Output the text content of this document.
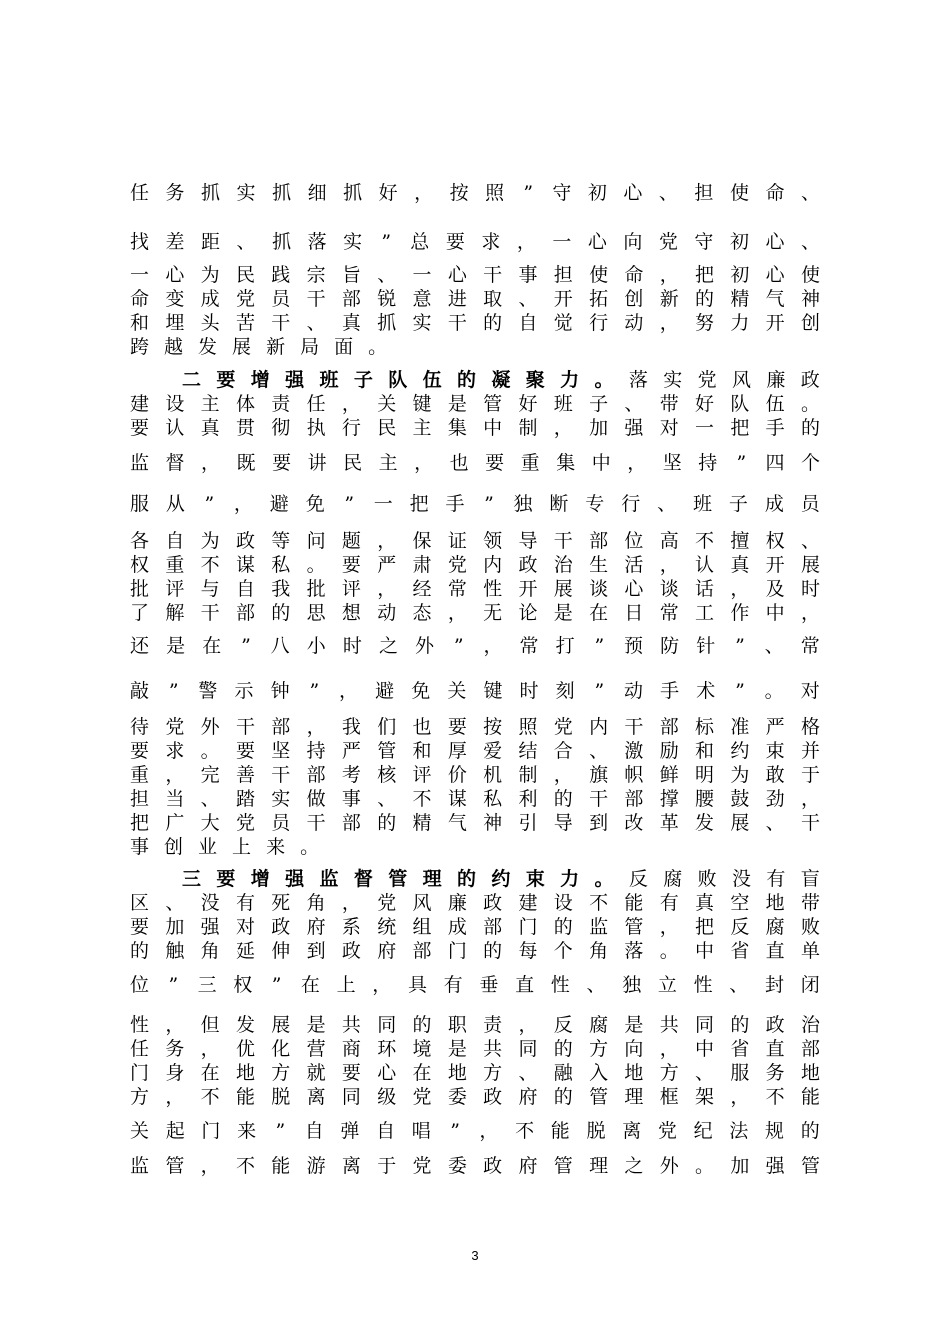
任 务 抓 实 抓 细 抓 好 ， 按 照 ” 守 初 心 、 担 使 命 、
找 差 距 、 抓 落 实 ” 总 要 求 ， 一 心 向 党 守 初 心 、
一 心 为 民 践 宗 旨 、 一 心 干 事 担 使 命 ， 把 初 心 使
命 变 成 党 员 干 部 锐 意 进 取 、 开 拓 创 新 的 精 气 神
和 埋 头 苦 干 、 真 抓 实 干 的 自 觉 行 动 ， 努 力 开 创
跨 越 发 展 新 局 面 。
二 要 增 强 班 子 队 伍 的 凝 聚 力 。 落 实 党 风 廉 政
建 设 主 体 责 任 ， 关 键 是 管 好 班 子 、 带 好 队 伍 。
要 认 真 贯 彻 执 行 民 主 集 中 制 ， 加 强 对 一 把 手 的
监 督 ， 既 要 讲 民 主 ， 也 要 重 集 中 ， 坚 持 ” 四 个
服 从 ” ， 避 免 ” 一 把 手 ” 独 断 专 行 、 班 子 成 员
各 自 为 政 等 问 题 ， 保 证 领 导 干 部 位 高 不 擅 权 、
权 重 不 谋 私 。 要 严 肃 党 内 政 治 生 活 ， 认 真 开 展
批 评 与 自 我 批 评 ， 经 常 性 开 展 谈 心 谈 话 ， 及 时
了 解 干 部 的 思 想 动 态 ， 无 论 是 在 日 常 工 作 中 ，
还 是 在 ” 八 小 时 之 外 ” ， 常 打 ” 预 防 针 ” 、 常
敲 ” 警 示 钟 ” ， 避 免 关 键 时 刻 ” 动 手 术 ” 。 对
待 党 外 干 部 ， 我 们 也 要 按 照 党 内 干 部 标 准 严 格
要 求 。 要 坚 持 严 管 和 厚 爱 结 合 、 激 励 和 约 束 并
重 ， 完 善 干 部 考 核 评 价 机 制 ， 旗 帜 鲜 明 为 敢 于
担 当 、 踏 实 做 事 、 不 谋 私 利 的 干 部 撑 腰 鼓 劲 ，
把 广 大 党 员 干 部 的 精 气 神 引 导 到 改 革 发 展 、 干
事 创 业 上 来 。
三 要 增 强 监 督 管 理 的 约 束 力 。 反 腐 败 没 有 盲
区 、 没 有 死 角 ， 党 风 廉 政 建 设 不 能 有 真 空 地 带
要 加 强 对 政 府 系 统 组 成 部 门 的 监 管 ， 把 反 腐 败
的 触 角 延 伸 到 政 府 部 门 的 每 个 角 落 。 中 省 直 单
位 ” 三 权 ” 在 上 ， 具 有 垂 直 性 、 独 立 性 、 封 闭
性 ， 但 发 展 是 共 同 的 职 责 ， 反 腐 是 共 同 的 政 治
任 务 ， 优 化 营 商 环 境 是 共 同 的 方 向 ， 中 省 直 部
门 身 在 地 方 就 要 心 在 地 方 、 融 入 地 方 、 服 务 地
方 ， 不 能 脱 离 同 级 党 委 政 府 的 管 理 框 架 ， 不 能
关 起 门 来 ” 自 弹 自 唱 ” ， 不 能 脱 离 党 纪 法 规 的
监 管 ， 不 能 游 离 于 党 委 政 府 管 理 之 外 。 加 强 管
3
